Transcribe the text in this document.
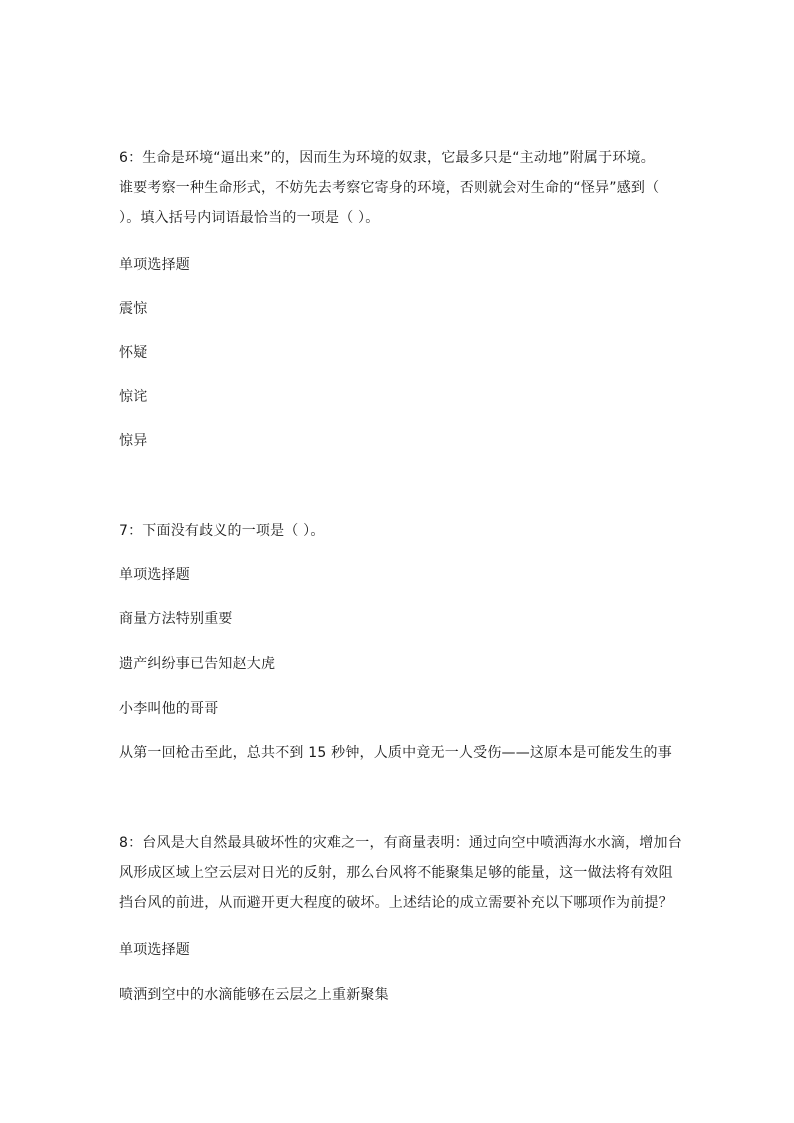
6：生命是环境“逼出来”的，因而生为环境的奴隶，它最多只是“主动地”附属于环境。
谁要考察一种生命形式，不妨先去考察它寄身的环境，否则就会对生命的“怪异”感到（
）。填入括号内词语最恰当的一项是（ ）。
单项选择题
震惊
怀疑
惊诧
惊异
7：下面没有歧义的一项是（ ）。
单项选择题
商量方法特别重要
遗产纠纷事已告知赵大虎
小李叫他的哥哥
从第一回枪击至此，总共不到 15 秒钟，人质中竟无一人受伤——这原本是可能发生的事
8：台风是大自然最具破坏性的灾难之一，有商量表明：通过向空中喷洒海水水滴，增加台
风形成区域上空云层对日光的反射，那么台风将不能聚集足够的能量，这一做法将有效阻
挡台风的前进，从而避开更大程度的破坏。上述结论的成立需要补充以下哪项作为前提？
单项选择题
喷洒到空中的水滴能够在云层之上重新聚集
